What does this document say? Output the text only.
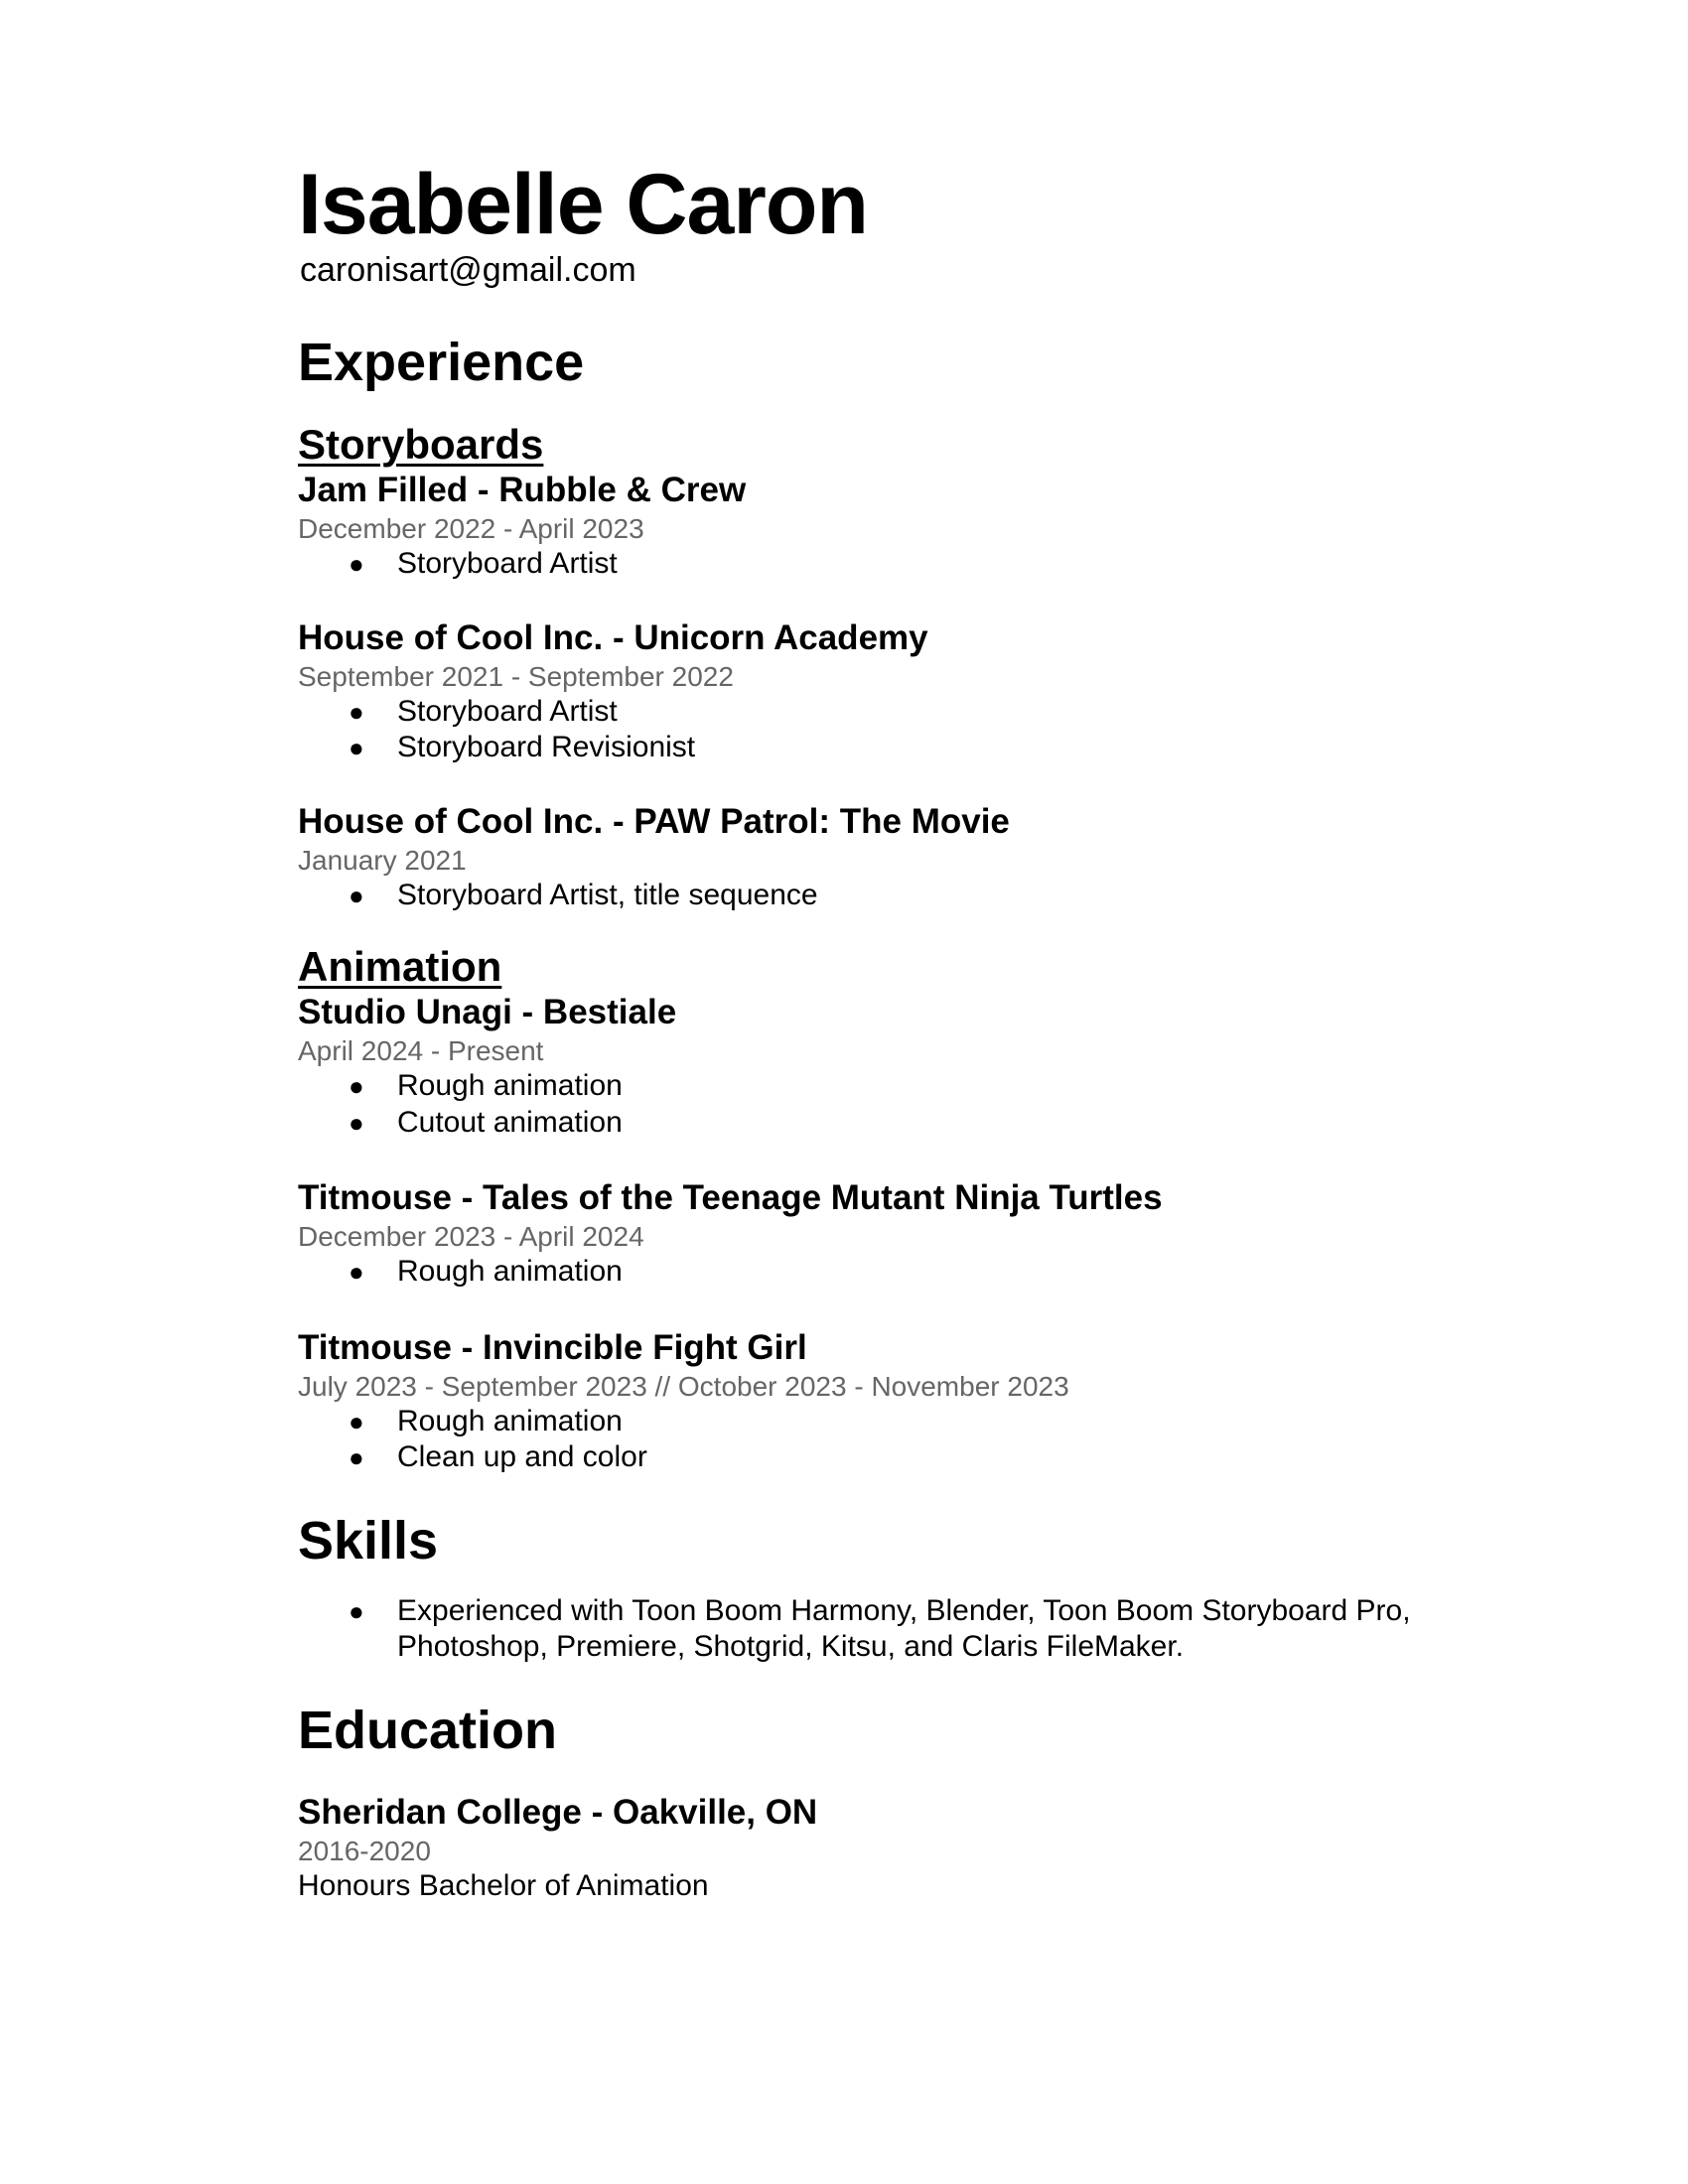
Isabelle Caron

caronisart@gmail.com

Experience
Storyboards

Jam Filled - Rubble & Crew

December 2022 - April 2023

● Storyboard Artist

House of Cool Inc. - Unicorn Academy

September 2021 - September 2022

● Storyboard Artist
● Storyboard Revisionist

House of Cool Inc. - PAW Patrol: The Movie

January 2021

● Storyboard Artist, title sequence
Animation

Studio Unagi - Bestiale

April 2024 - Present

● Rough animation
● Cutout animation

Titmouse - Tales of the Teenage Mutant Ninja Turtles

December 2023 - April 2024

● Rough animation

Titmouse - Invincible Fight Girl

July 2023 - September 2023 // October 2023 - November 2023

● Rough animation
● Clean up and color
Skills
● Experienced with Toon Boom Harmony, Blender, Toon Boom Storyboard Pro,
Photoshop, Premiere, Shotgrid, Kitsu, and Claris FileMaker.
Education

Sheridan College - Oakville, ON

2016-2020

Honours Bachelor of Animation
